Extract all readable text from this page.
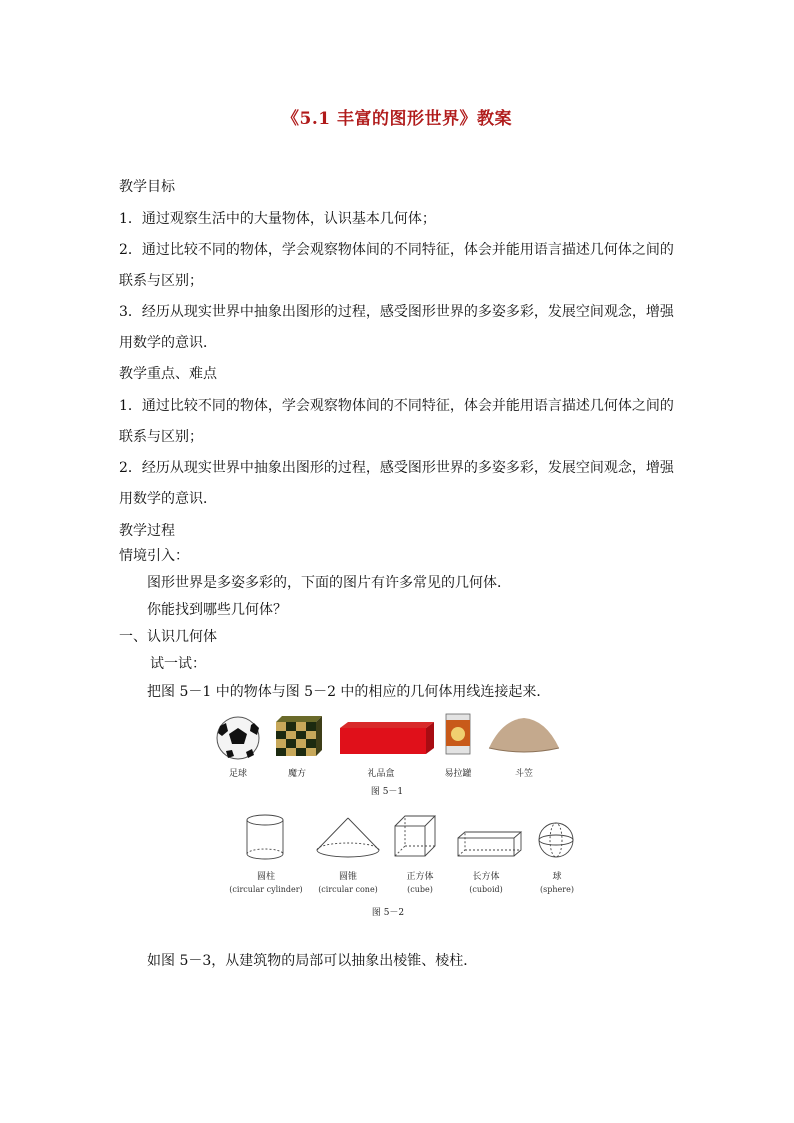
《5.1 丰富的图形世界》教案
教学目标
1．通过观察生活中的大量物体，认识基本几何体；
2．通过比较不同的物体，学会观察物体间的不同特征，体会并能用语言描述几何体之间的
联系与区别；
3．经历从现实世界中抽象出图形的过程，感受图形世界的多姿多彩，发展空间观念，增强
用数学的意识．
教学重点、难点
1．通过比较不同的物体，学会观察物体间的不同特征，体会并能用语言描述几何体之间的
联系与区别；
2．经历从现实世界中抽象出图形的过程，感受图形世界的多姿多彩，发展空间观念，增强
用数学的意识．
教学过程
情境引入：
图形世界是多姿多彩的，下面的图片有许多常见的几何体．
你能找到哪些几何体？
一、认识几何体
试一试：
把图 5－1 中的物体与图 5－2 中的相应的几何体用线连接起来．
足球	魔方	礼品盒	易拉罐	斗笠
图 5－1
圆柱	圆锥	正方体	长方体	球
(circular cylinder)	(circular cone)	(cube)	(cuboid)	(sphere)
图 5－2
如图 5－3，从建筑物的局部可以抽象出棱锥、棱柱．
